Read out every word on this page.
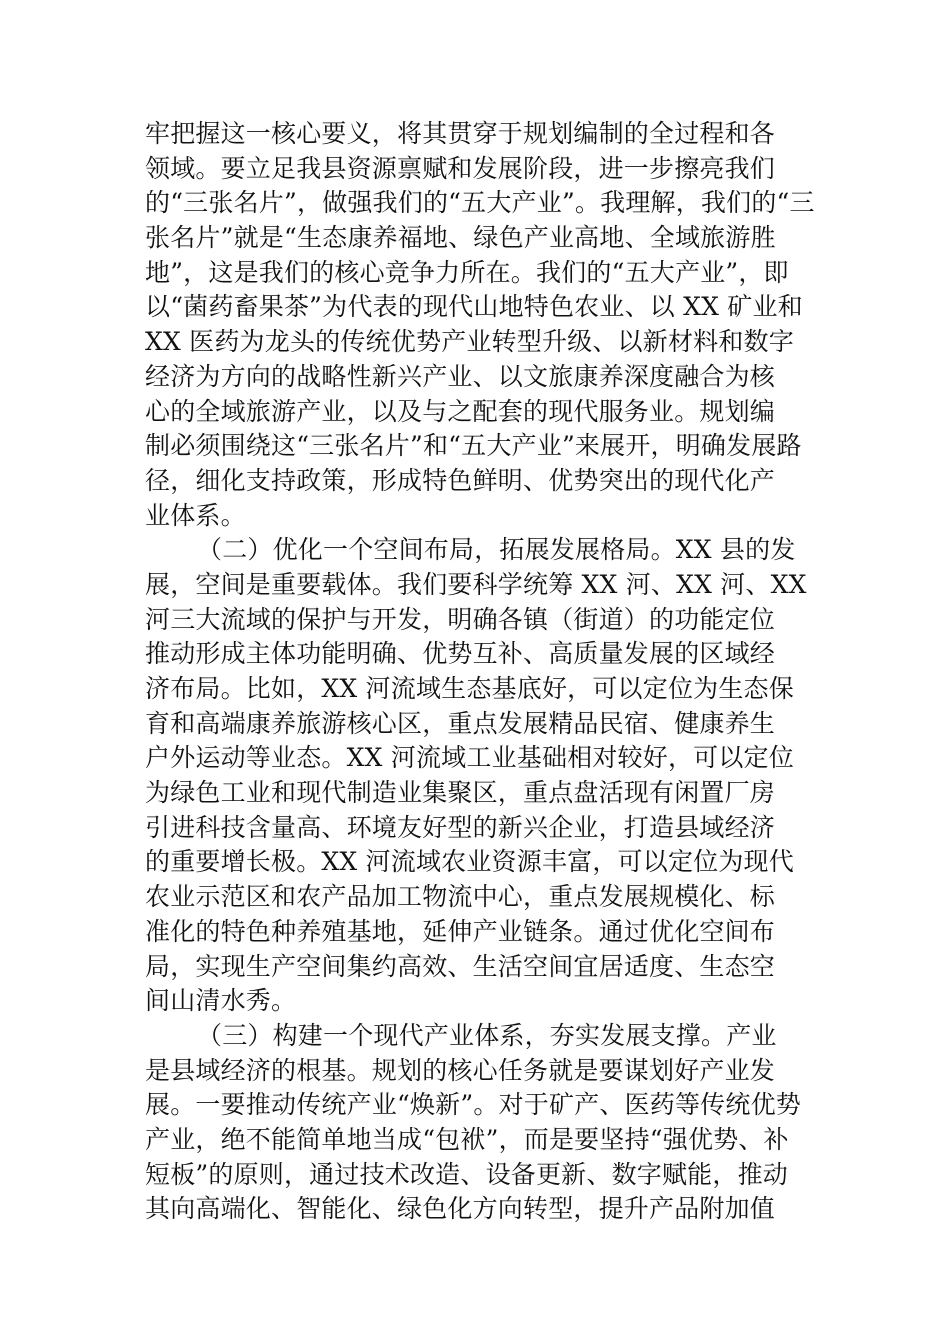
牢把握这一核心要义，将其贯穿于规划编制的全过程和各
领域。要立足我县资源禀赋和发展阶段，进一步擦亮我们
的“三张名片”，做强我们的“五大产业”。我理解，我们的“三
张名片”就是“生态康养福地、绿色产业高地、全域旅游胜
地”，这是我们的核心竞争力所在。我们的“五大产业”，即
以“菌药畜果茶”为代表的现代山地特色农业、以 XX 矿业和
XX 医药为龙头的传统优势产业转型升级、以新材料和数字
经济为方向的战略性新兴产业、以文旅康养深度融合为核
心的全域旅游产业，以及与之配套的现代服务业。规划编
制必须围绕这“三张名片”和“五大产业”来展开，明确发展路
径，细化支持政策，形成特色鲜明、优势突出的现代化产
业体系。
（二）优化一个空间布局，拓展发展格局。XX 县的发
展，空间是重要载体。我们要科学统筹 XX 河、XX 河、XX
河三大流域的保护与开发，明确各镇（街道）的功能定位
推动形成主体功能明确、优势互补、高质量发展的区域经
济布局。比如，XX 河流域生态基底好，可以定位为生态保
育和高端康养旅游核心区，重点发展精品民宿、健康养生
户外运动等业态。XX 河流域工业基础相对较好，可以定位
为绿色工业和现代制造业集聚区，重点盘活现有闲置厂房
引进科技含量高、环境友好型的新兴企业，打造县域经济
的重要增长极。XX 河流域农业资源丰富，可以定位为现代
农业示范区和农产品加工物流中心，重点发展规模化、标
准化的特色种养殖基地，延伸产业链条。通过优化空间布
局，实现生产空间集约高效、生活空间宜居适度、生态空
间山清水秀。
（三）构建一个现代产业体系，夯实发展支撑。产业
是县域经济的根基。规划的核心任务就是要谋划好产业发
展。一要推动传统产业“焕新”。对于矿产、医药等传统优势
产业，绝不能简单地当成“包袱”，而是要坚持“强优势、补
短板”的原则，通过技术改造、设备更新、数字赋能，推动
其向高端化、智能化、绿色化方向转型，提升产品附加值
